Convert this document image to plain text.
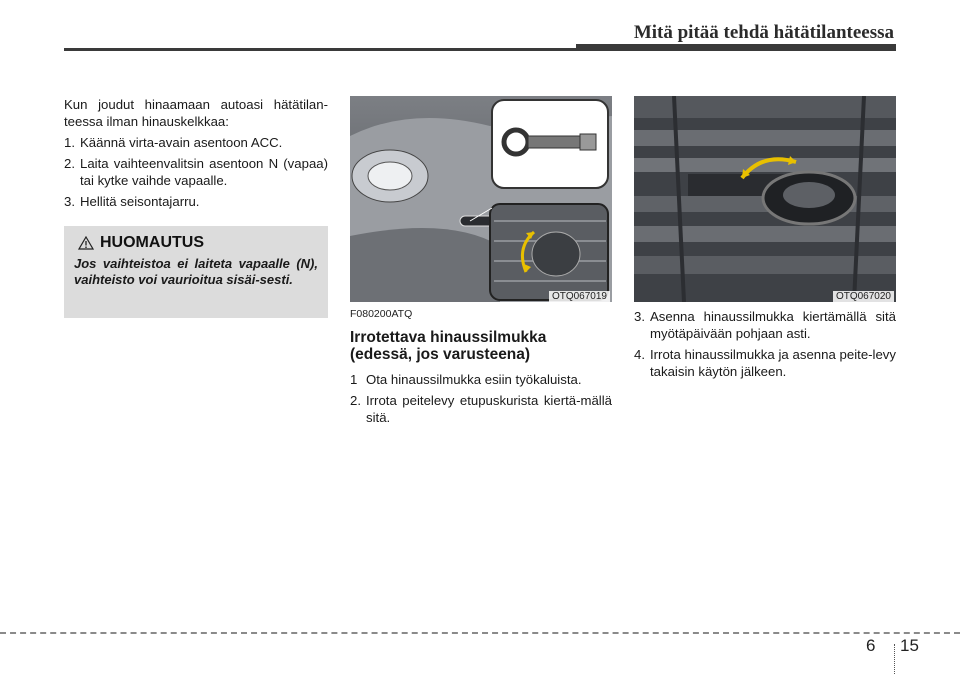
Mitä pitää tehdä hätätilanteessa

Kun joudut hinaamaan autoasi hätätilan-teessa ilman hinauskelkkaa:

1. Käännä virta-avain asentoon ACC.
2. Laita vaihteenvalitsin asentoon N (vapaa) tai kytke vaihde vapaalle.
3. Hellitä seisontajarru.
HUOMAUTUS
Jos vaihteistoa ei laiteta vapaalle (N), vaihteisto voi vaurioitua sisäi-sesti.
OTQ067019	OTQ067020
F080200ATQ
Irrotettava hinaussilmukka (edessä, jos varusteena)
1 Ota hinaussilmukka esiin työkaluista.
2. Irrota peitelevy etupuskurista kiertä-mällä sitä.
3. Asenna hinaussilmukka kiertämällä sitä myötäpäivään pohjaan asti.
4. Irrota hinaussilmukka ja asenna peite-levy takaisin käytön jälkeen.
6 15
